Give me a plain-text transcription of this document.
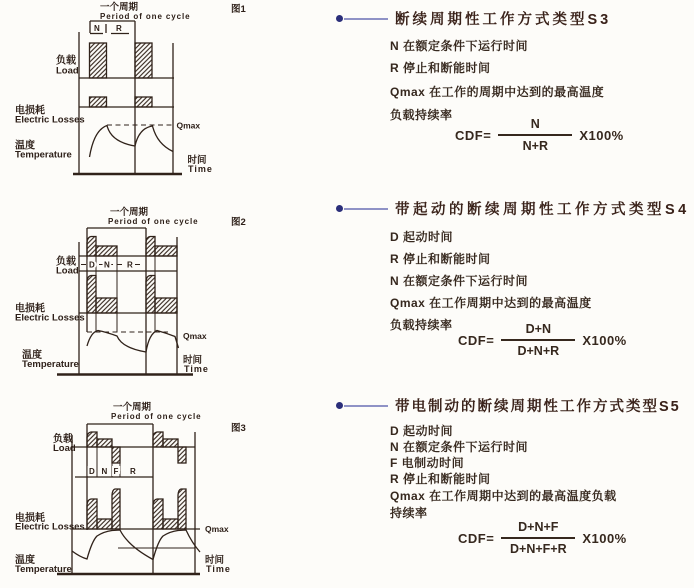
一个周期
Period of one cycle
N R
负载
Load
电损耗
Electric Losses
温度
Temperature
Qmax
时间
Time
图1
一个周期
Period of one cycle
D N R
负载
Load
电损耗
Electric Losses
温度
Temperature
Qmax
时间
Time
图2
一个周期
Period of one cycle
D N F R
负载
Load
电损耗
Electric Losses
温度
Temperature
Qmax
时间
Time
图3
断续周期性工作方式类型S3
N 在额定条件下运行时间
R 停止和断能时间
Qmax 在工作的周期中达到的最高温度
负载持续率
$CDF= \frac{N}{N+R} X100\%$
带起动的断续周期性工作方式类型S4
D 起动时间
R 停止和断能时间
N 在额定条件下运行时间
Qmax 在工作周期中达到的最高温度
负载持续率
$CDF= \frac{D+N}{D+N+R} X100\%$
带电制动的断续周期性工作方式类型S5
D 起动时间
N 在额定条件下运行时间
F 电制动时间
R 停止和断能时间
Qmax 在工作周期中达到的最高温度负载
持续率
$CDF= \frac{D+N+F}{D+N+F+R} X100\%$
